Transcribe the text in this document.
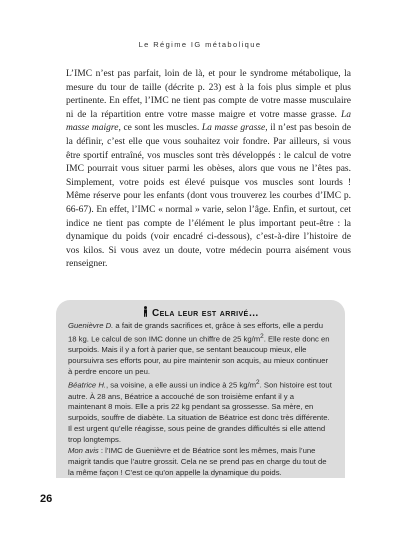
Le Régime IG métabolique

L’IMC n’est pas parfait, loin de là, et pour le syndrome métabolique, la mesure du tour de taille (décrite p. 23) est à la fois plus simple et plus pertinente. En effet, l’IMC ne tient pas compte de votre masse musculaire ni de la répartition entre votre masse maigre et votre masse grasse. La masse maigre, ce sont les muscles. La masse grasse, il n’est pas besoin de la définir, c’est elle que vous souhaitez voir fondre. Par ailleurs, si vous être sportif entraîné, vos muscles sont très développés : le calcul de votre IMC pourrait vous situer parmi les obèses, alors que vous ne l’êtes pas. Simplement, votre poids est élevé puisque vos muscles sont lourds ! Même réserve pour les enfants (dont vous trouverez les courbes d’IMC p. 66-67). En effet, l’IMC « normal » varie, selon l’âge. Enfin, et surtout, cet indice ne tient pas compte de l’élément le plus important peut-être : la dynamique du poids (voir encadré ci-dessous), c’est-à-dire l’histoire de vos kilos. Si vous avez un doute, votre médecin pourra aisément vous renseigner.

Cela leur est arrivé…

Guenièvre D. a fait de grands sacrifices et, grâce à ses efforts, elle a perdu 18 kg. Le calcul de son IMC donne un chiffre de 25 $kg/m^2$. Elle reste donc en surpoids. Mais il y a fort à parier que, se sentant beaucoup mieux, elle poursuivra ses efforts pour, au pire maintenir son acquis, au mieux continuer à perdre encore un peu.

Béatrice H., sa voisine, a elle aussi un indice à 25 $kg/m^2$. Son histoire est tout autre. À 28 ans, Béatrice a accouché de son troisième enfant il y a maintenant 8 mois. Elle a pris 22 kg pendant sa grossesse. Sa mère, en surpoids, souffre de diabète. La situation de Béatrice est donc très différente. Il est urgent qu’elle réagisse, sous peine de grandes difficultés si elle attend trop longtemps.

Mon avis : l’IMC de Guenièvre et de Béatrice sont les mêmes, mais l’une maigrit tandis que l’autre grossit. Cela ne se prend pas en charge du tout de la même façon ! C’est ce qu’on appelle la dynamique du poids.

26
